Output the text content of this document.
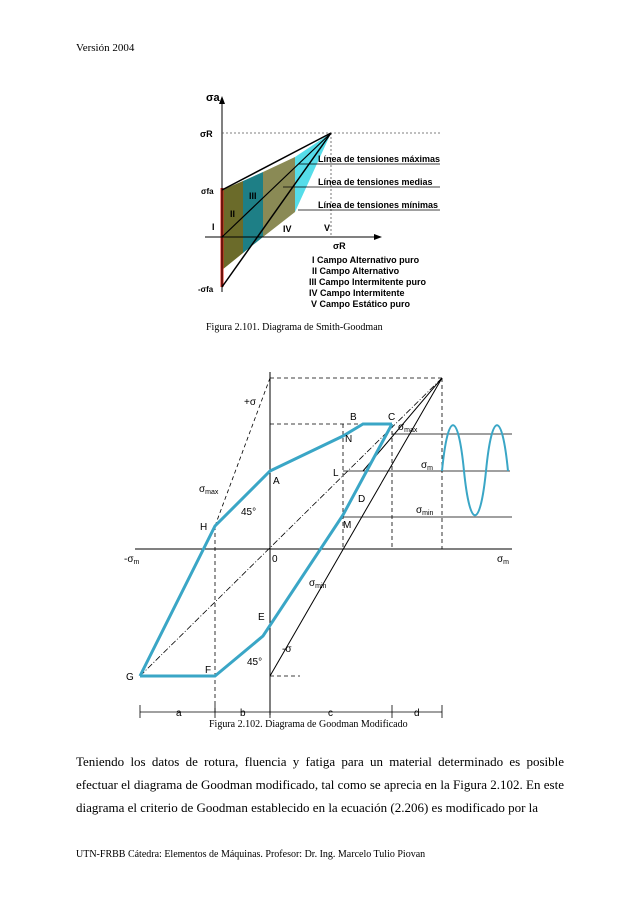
Versión 2004
σa
σR
σfa
-σfa
σR
Línea de tensiones máximas
Línea de tensiones medias
Línea de tensiones mínimas
I
II
III
IV	V
I Campo Alternativo puro
II Campo Alternativo
III Campo Intermitente puro
IV Campo Intermitente
V Campo Estático puro
Figura 2.101. Diagrama de Smith-Goodman
A
B	C
D
E
F
G
H
L
M
N
0
+σ
-σ
$-\sigma_m$	$\sigma_m$
$\sigma_{max}$
$\sigma_m$
$\sigma_{min}$
$\sigma_{max}$
$\sigma_{min}$
45°
45°
a	b	c	d
Figura 2.102. Diagrama de Goodman Modificado
Teniendo los datos de rotura, fluencia y fatiga para un material determinado es posible efectuar el diagrama de Goodman modificado, tal como se aprecia en la Figura 2.102. En este diagrama el criterio de Goodman establecido en la ecuación (2.206) es modificado por la
UTN-FRBB Cátedra: Elementos de Máquinas. Profesor: Dr. Ing. Marcelo Tulio Piovan
